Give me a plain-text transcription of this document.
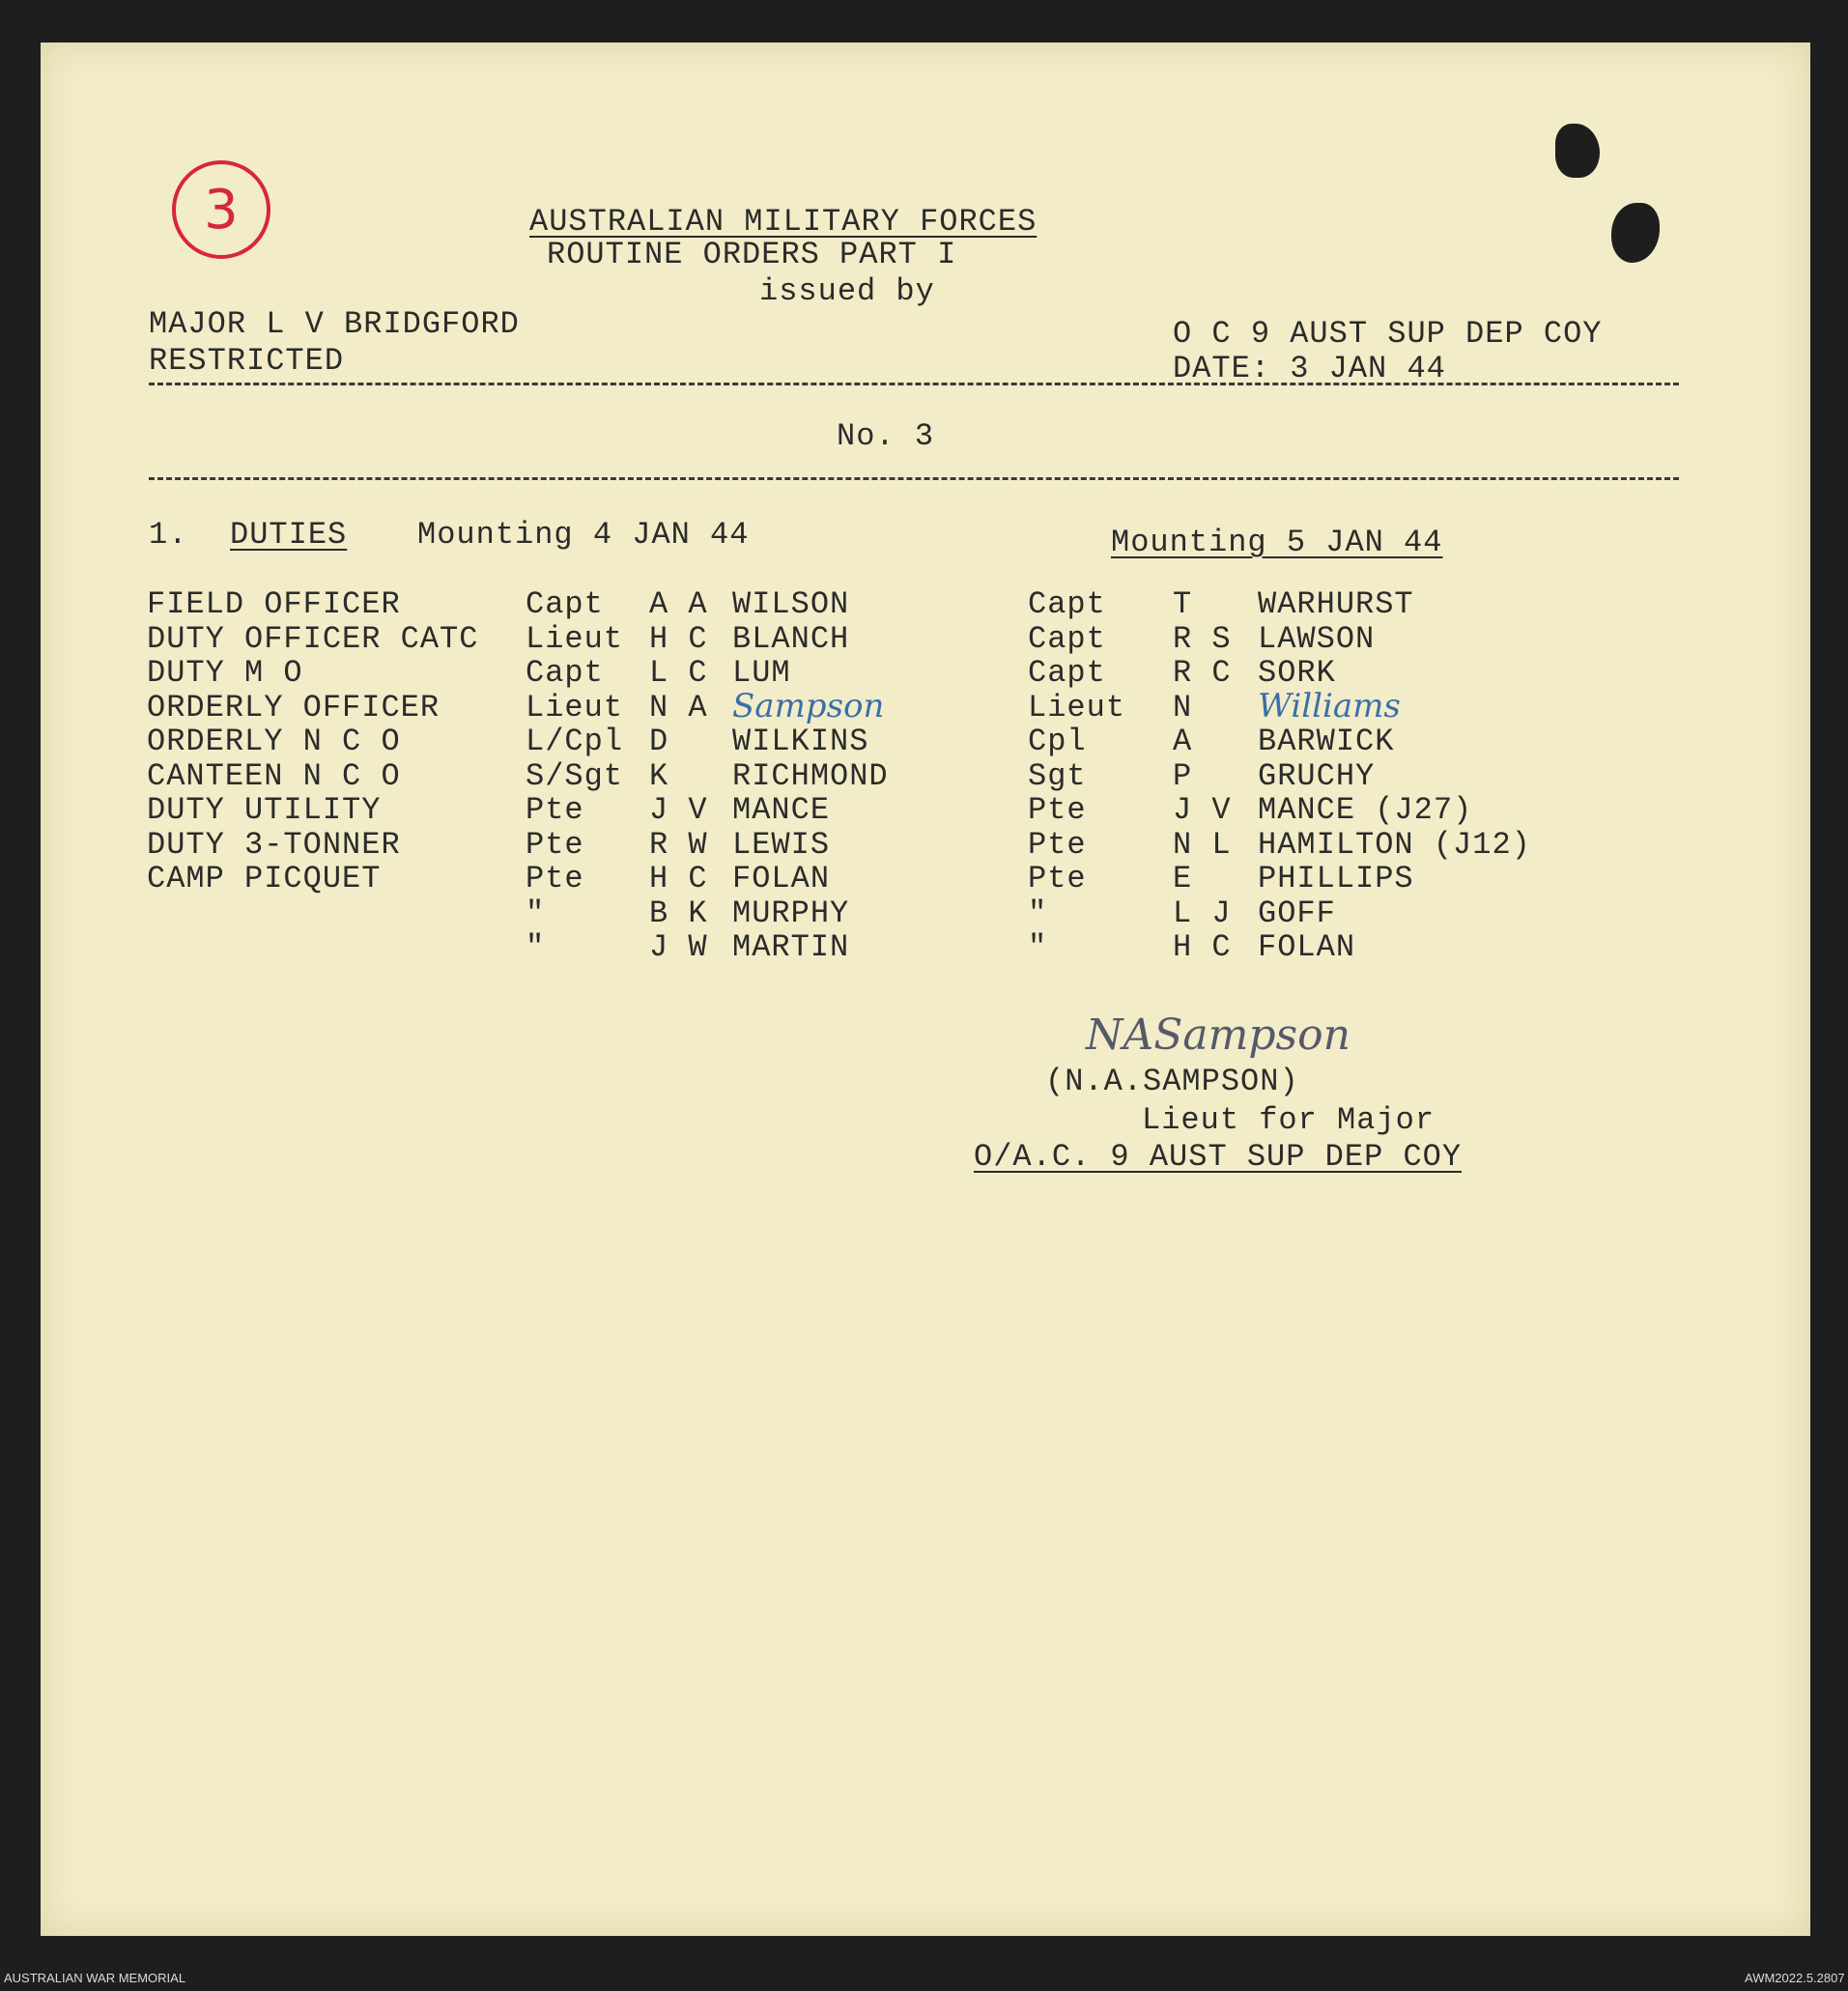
3	AUSTRALIAN MILITARY FORCES
ROUTINE ORDERS PART I
issued by
MAJOR L V BRIDGFORD
RESTRICTED
O C 9 AUST SUP DEP COY
DATE: 3 JAN 44
No. 3
1. DUTIES Mounting 4 JAN 44	Mounting 5 JAN 44
FIELD OFFICER	Capt A A WILSON	Capt T WARHURST
DUTY OFFICER CATC Lieut H C BLANCH	Capt R S LAWSON
DUTY M O	Capt L C LUM	Capt R C SORK
ORDERLY OFFICER	Lieut N A Sampson	Lieut N Williams
ORDERLY N C O	L/Cpl D WILKINS	Cpl	A BARWICK
CANTEEN N C O	S/Sgt K RICHMOND	Sgt	P GRUCHY
DUTY UTILITY	Pte J V MANCE	Pte	J V MANCE (J27)
DUTY 3-TONNER	Pte R W LEWIS	Pte	N L HAMILTON (J12)
CAMP PICQUET	Pte H C FOLAN	Pte	E PHILLIPS
"	B K MURPHY	"	L J GOFF
"	J W MARTIN	"	H C FOLAN
NASampson
(N.A.SAMPSON)
Lieut for Major
O/A.C. 9 AUST SUP DEP COY
AUSTRALIAN WAR MEMORIAL	AWM2022.5.2807
